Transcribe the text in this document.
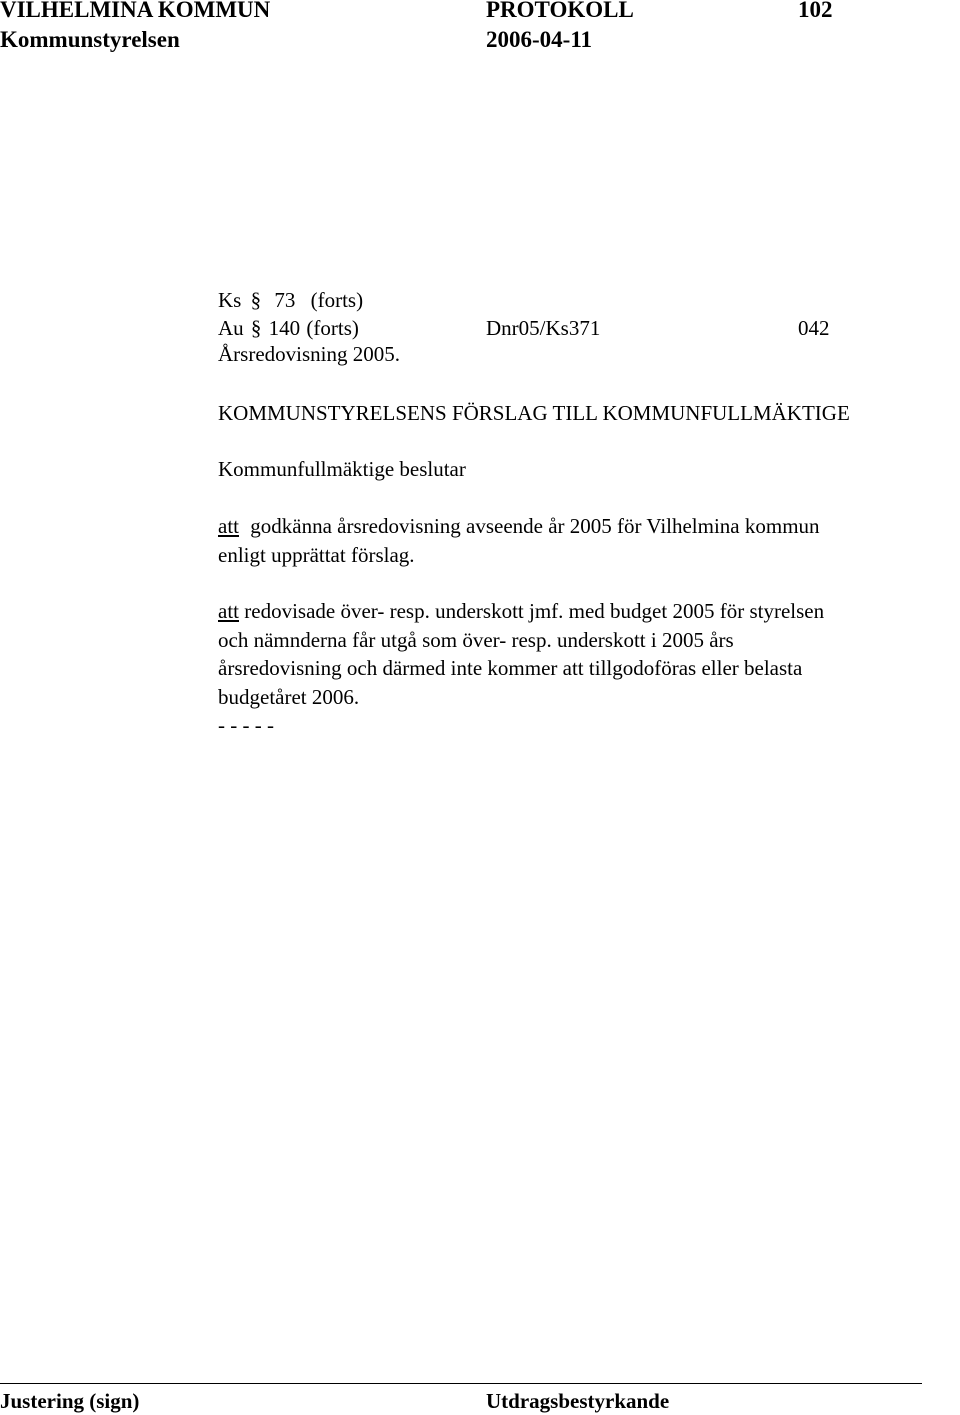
VILHELMINA KOMMUN	PROTOKOLL	102
Kommunstyrelsen	2006-04-11
Ks § 73 (forts)
Au § 140 (forts)	Dnr05/Ks371	042
Årsredovisning 2005.
KOMMUNSTYRELSENS FÖRSLAG TILL KOMMUNFULLMÄKTIGE
Kommunfullmäktige beslutar
att godkänna årsredovisning avseende år 2005 för Vilhelmina kommun
enligt upprättat förslag.
att redovisade över- resp. underskott jmf. med budget 2005 för styrelsen
och nämnderna får utgå som över- resp. underskott i 2005 års
årsredovisning och därmed inte kommer att tillgodoföras eller belasta
budgetåret 2006.
- - - - -
Justering (sign)	Utdragsbestyrkande
